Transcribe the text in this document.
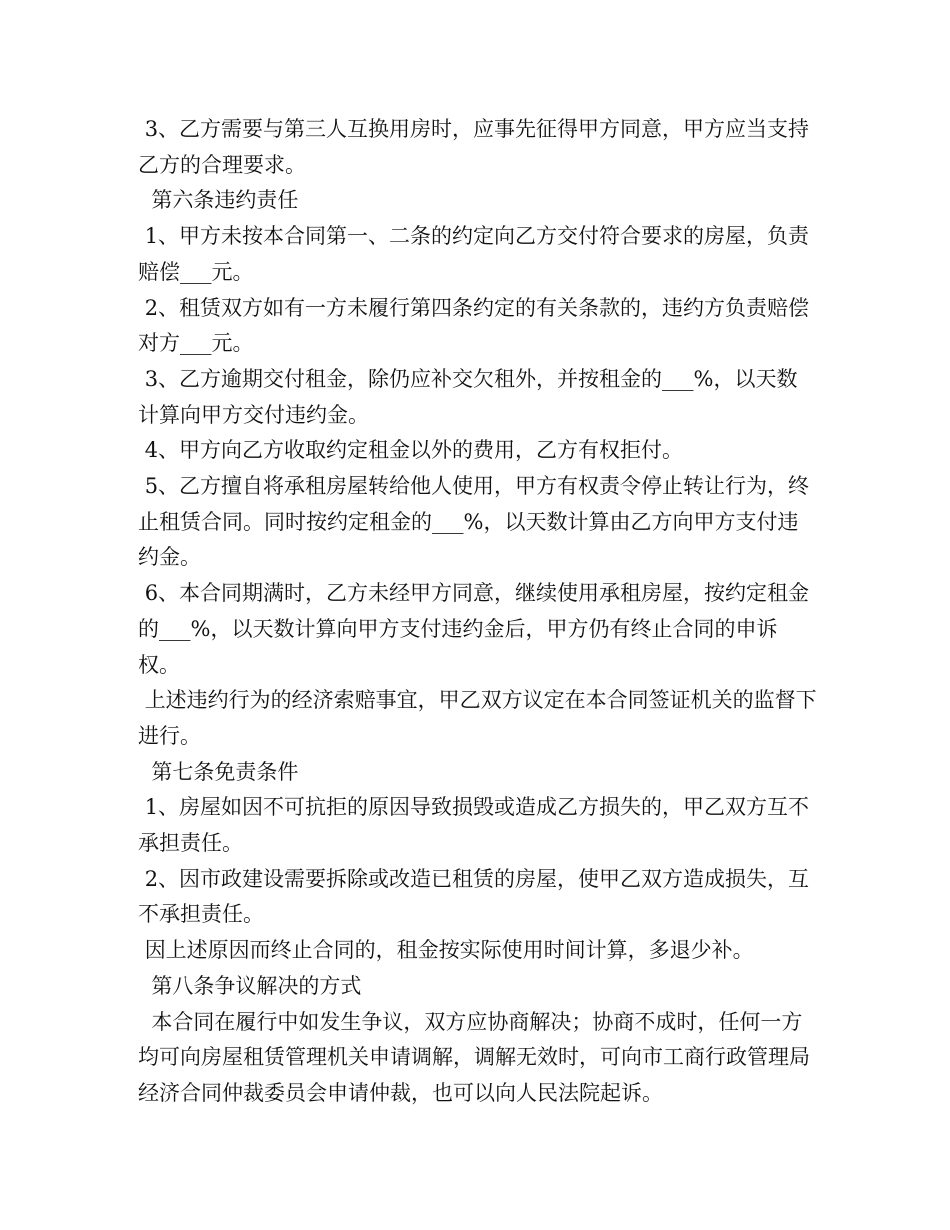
3、乙方需要与第三人互换用房时，应事先征得甲方同意，甲方应当支持乙方的合理要求。

第六条违约责任

1、甲方未按本合同第一、二条的约定向乙方交付符合要求的房屋，负责赔偿___元。

2、租赁双方如有一方未履行第四条约定的有关条款的，违约方负责赔偿对方___元。

3、乙方逾期交付租金，除仍应补交欠租外，并按租金的___%，以天数计算向甲方交付违约金。

4、甲方向乙方收取约定租金以外的费用，乙方有权拒付。

5、乙方擅自将承租房屋转给他人使用，甲方有权责令停止转让行为，终止租赁合同。同时按约定租金的___%，以天数计算由乙方向甲方支付违约金。

6、本合同期满时，乙方未经甲方同意，继续使用承租房屋，按约定租金的___%，以天数计算向甲方支付违约金后，甲方仍有终止合同的申诉权。

上述违约行为的经济索赔事宜，甲乙双方议定在本合同签证机关的监督下进行。

第七条免责条件

1、房屋如因不可抗拒的原因导致损毁或造成乙方损失的，甲乙双方互不承担责任。

2、因市政建设需要拆除或改造已租赁的房屋，使甲乙双方造成损失，互不承担责任。

因上述原因而终止合同的，租金按实际使用时间计算，多退少补。

第八条争议解决的方式

本合同在履行中如发生争议，双方应协商解决；协商不成时，任何一方均可向房屋租赁管理机关申请调解，调解无效时，可向市工商行政管理局经济合同仲裁委员会申请仲裁，也可以向人民法院起诉。
